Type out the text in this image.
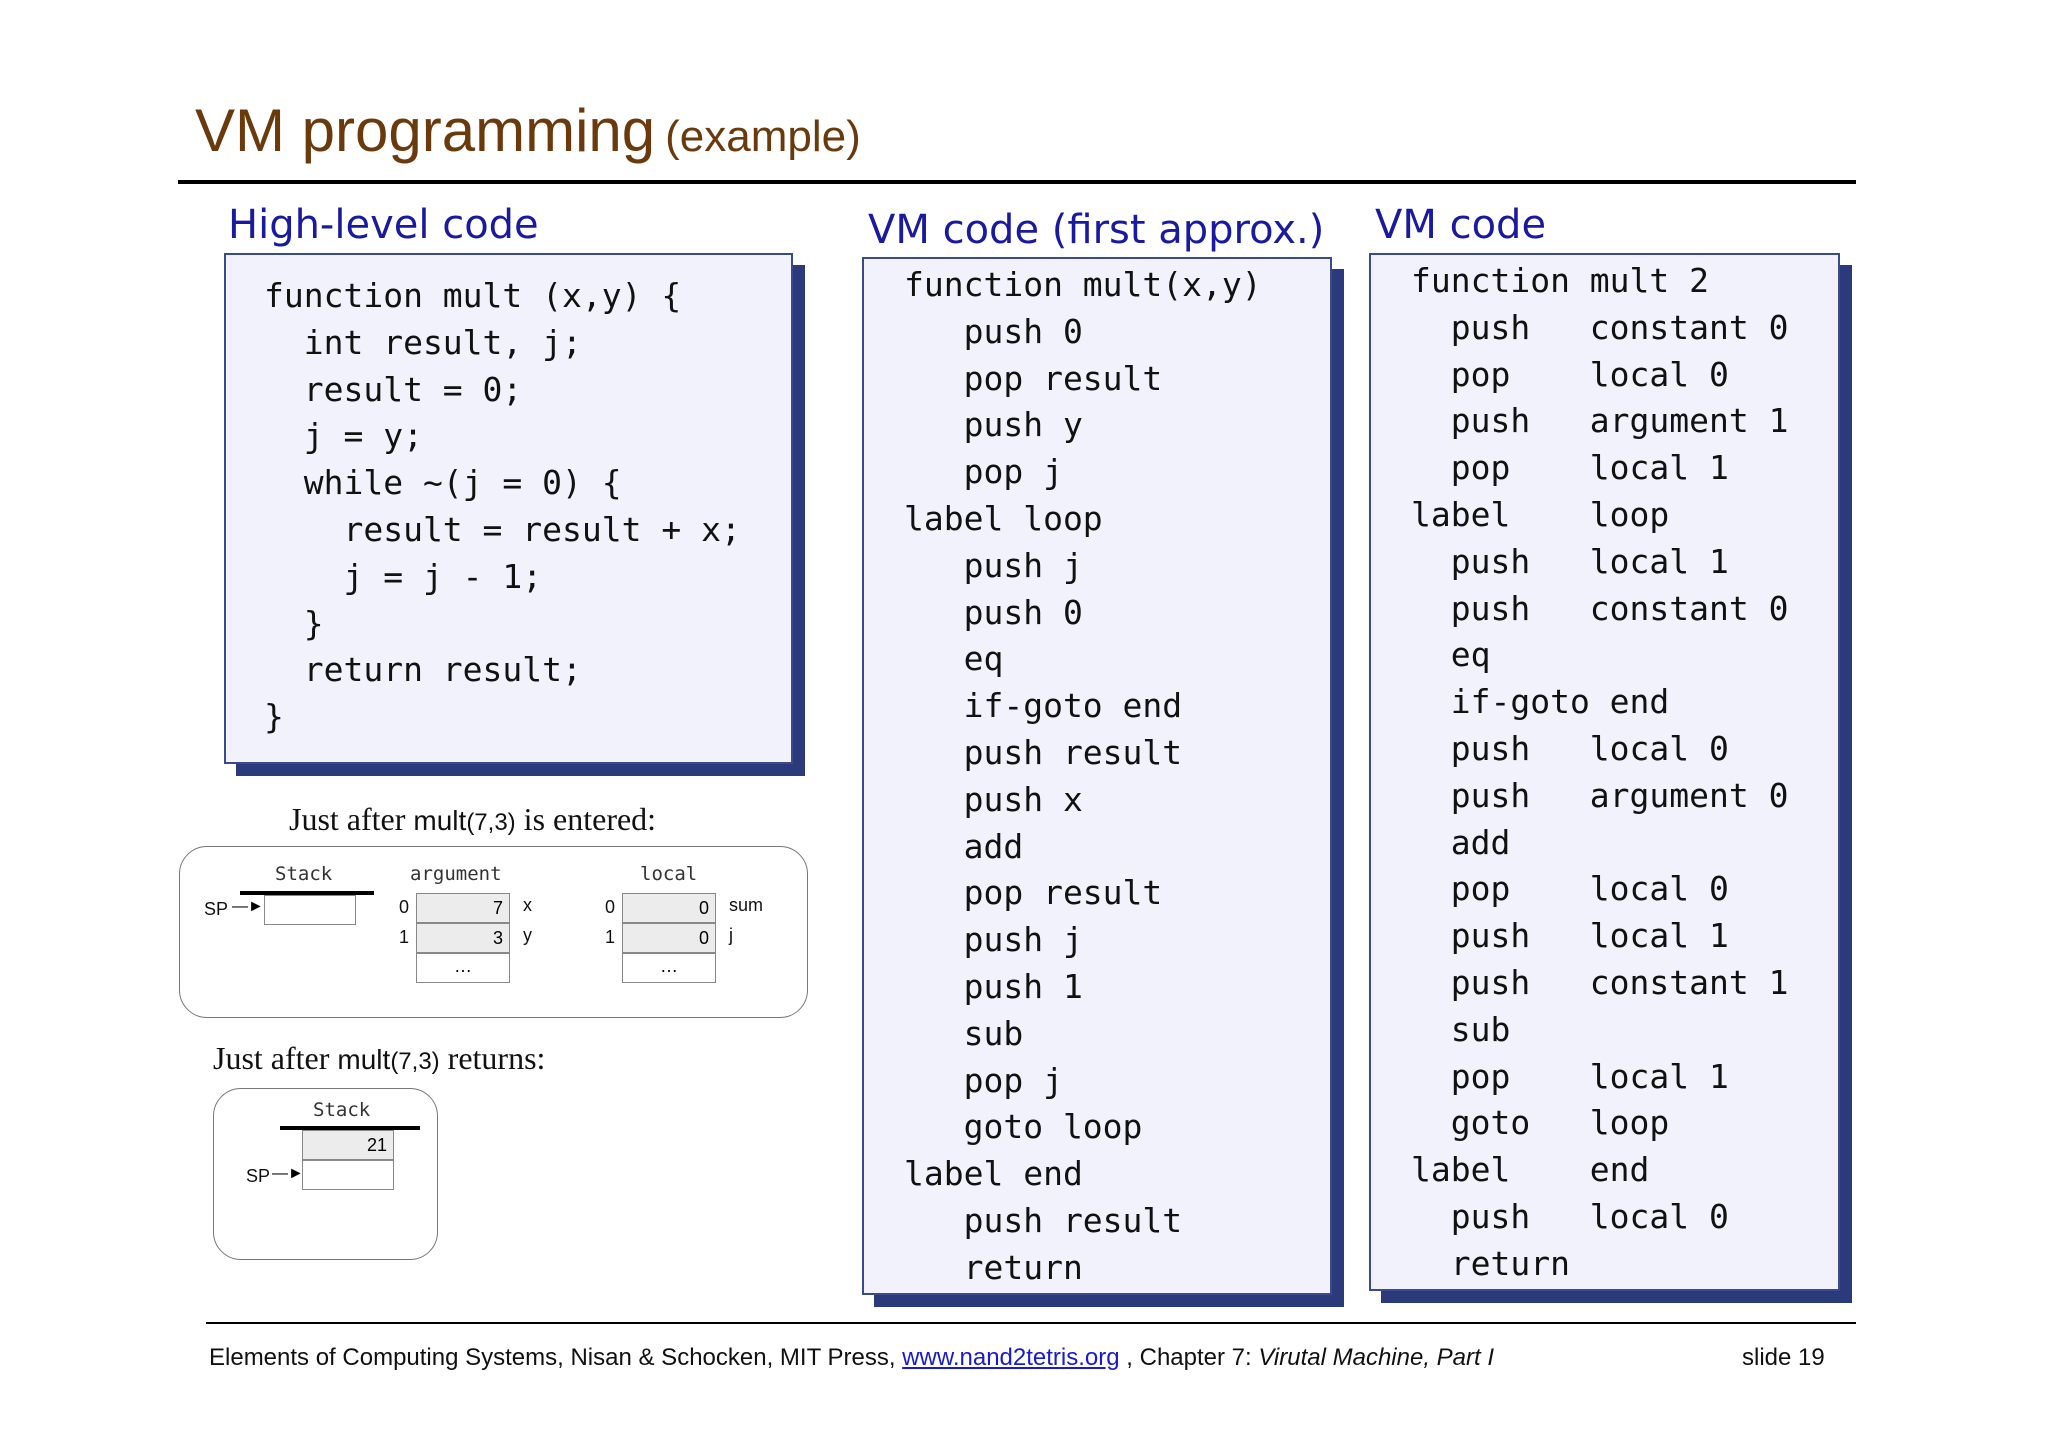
VM programming (example)
High-level code
function mult (x,y) {
int result, j;
result = 0;
j = y;
while ~(j = 0) {
result = result + x;
j = j - 1;
}
return result;
}
VM code (first approx.)
function mult(x,y)
push 0
pop result
push y
pop j
label loop
push j
push 0
eq
if-goto end
push result
push x
add
pop result
push j
push 1
sub
pop j
goto loop
label end
push result
return
VM code
function mult 2
push   constant 0
pop    local 0
push   argument 1
pop    local 1
label    loop
push   local 1
push   constant 0
eq
if-goto end
push   local 0
push   argument 0
add
pop    local 0
push   local 1
push   constant 1
sub
pop    local 1
goto   loop
label    end
push   local 0
return
Just after mult(7,3) is entered:
Stack
SP —►
argument
0	7	x
1	3	y
…
local
0	0	sum
1	0	j
…
Just after mult(7,3) returns:
Stack
21
SP —►
Elements of Computing Systems, Nisan & Schocken, MIT Press, www.nand2tetris.org , Chapter 7: Virutal Machine, Part I	slide 19
